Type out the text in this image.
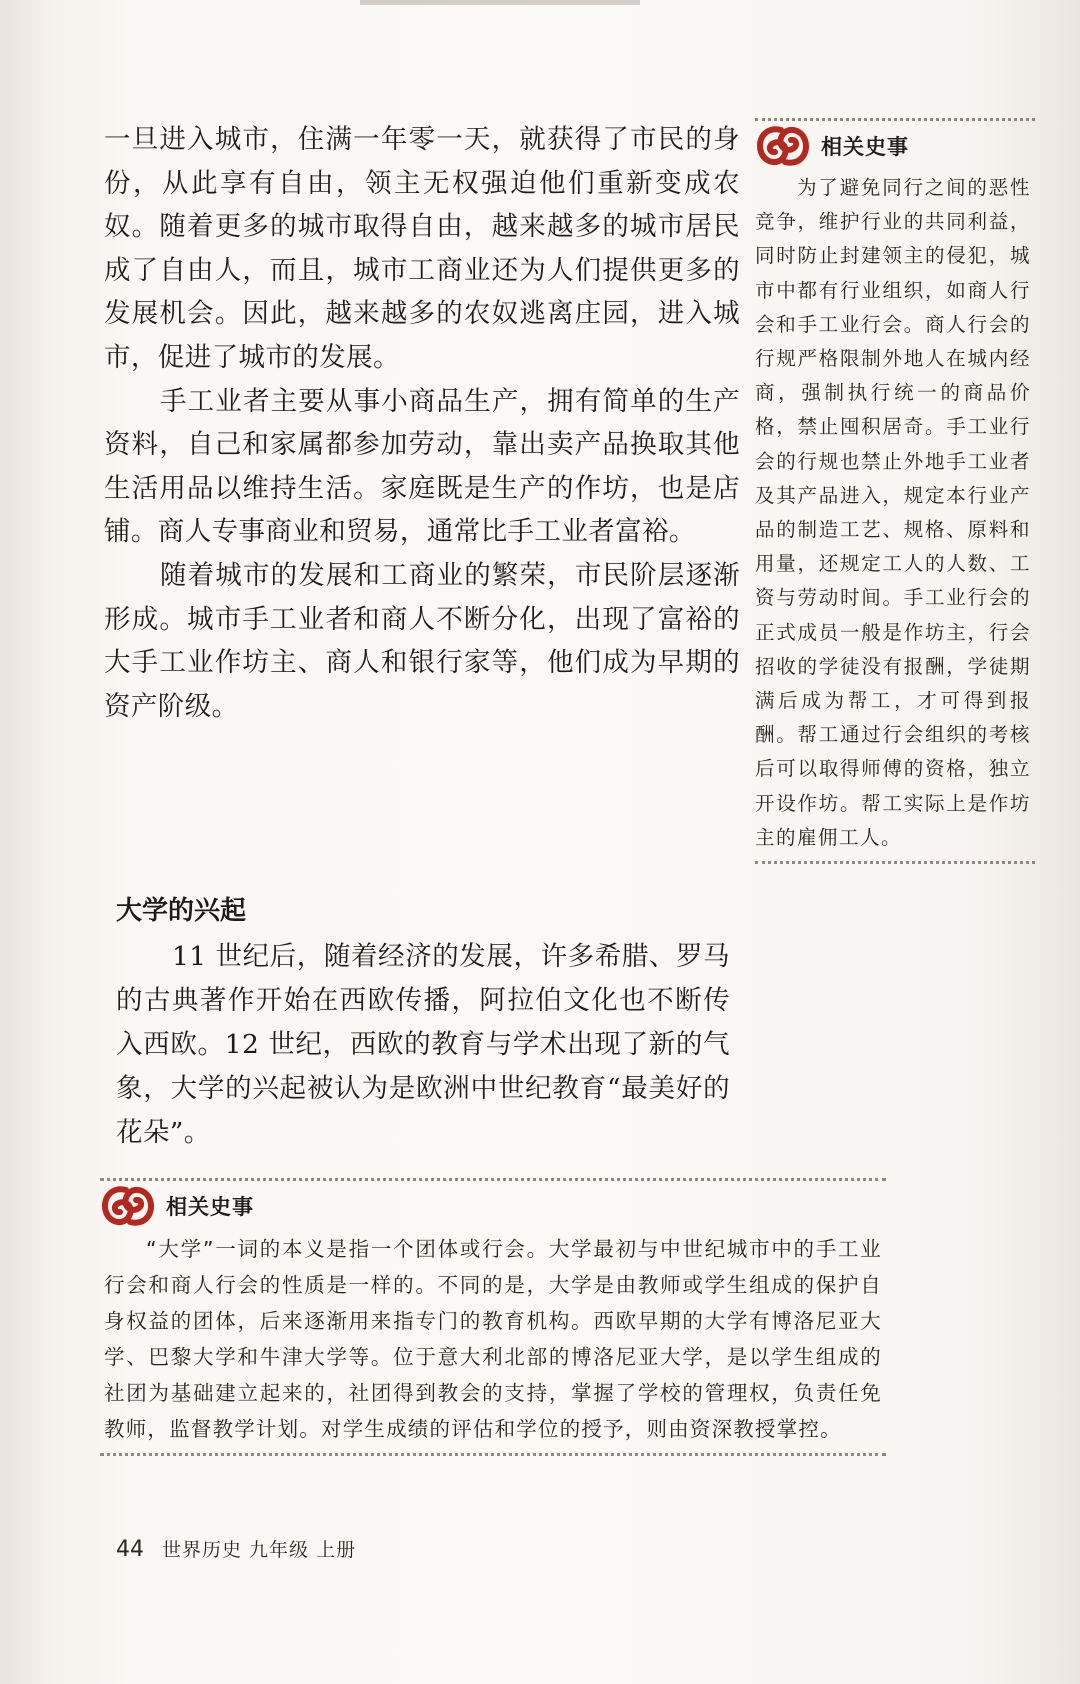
一旦进入城市，住满一年零一天，就获得了市民的身份，从此享有自由，领主无权强迫他们重新变成农奴。随着更多的城市取得自由，越来越多的城市居民成了自由人，而且，城市工商业还为人们提供更多的发展机会。因此，越来越多的农奴逃离庄园，进入城市，促进了城市的发展。

手工业者主要从事小商品生产，拥有简单的生产资料，自己和家属都参加劳动，靠出卖产品换取其他生活用品以维持生活。家庭既是生产的作坊，也是店铺。商人专事商业和贸易，通常比手工业者富裕。

随着城市的发展和工商业的繁荣，市民阶层逐渐形成。城市手工业者和商人不断分化，出现了富裕的大手工业作坊主、商人和银行家等，他们成为早期的资产阶级。

相关史事

为了避免同行之间的恶性竞争，维护行业的共同利益，同时防止封建领主的侵犯，城市中都有行业组织，如商人行会和手工业行会。商人行会的行规严格限制外地人在城内经商，强制执行统一的商品价格，禁止囤积居奇。手工业行会的行规也禁止外地手工业者及其产品进入，规定本行业产品的制造工艺、规格、原料和用量，还规定工人的人数、工资与劳动时间。手工业行会的正式成员一般是作坊主，行会招收的学徒没有报酬，学徒期满后成为帮工，才可得到报酬。帮工通过行会组织的考核后可以取得师傅的资格，独立开设作坊。帮工实际上是作坊主的雇佣工人。

大学的兴起

11 世纪后，随着经济的发展，许多希腊、罗马的古典著作开始在西欧传播，阿拉伯文化也不断传入西欧。12 世纪，西欧的教育与学术出现了新的气象，大学的兴起被认为是欧洲中世纪教育“最美好的花朵”。

相关史事

“大学”一词的本义是指一个团体或行会。大学最初与中世纪城市中的手工业行会和商人行会的性质是一样的。不同的是，大学是由教师或学生组成的保护自身权益的团体，后来逐渐用来指专门的教育机构。西欧早期的大学有博洛尼亚大学、巴黎大学和牛津大学等。位于意大利北部的博洛尼亚大学，是以学生组成的社团为基础建立起来的，社团得到教会的支持，掌握了学校的管理权，负责任免教师，监督教学计划。对学生成绩的评估和学位的授予，则由资深教授掌控。

44 世界历史 九年级 上册
